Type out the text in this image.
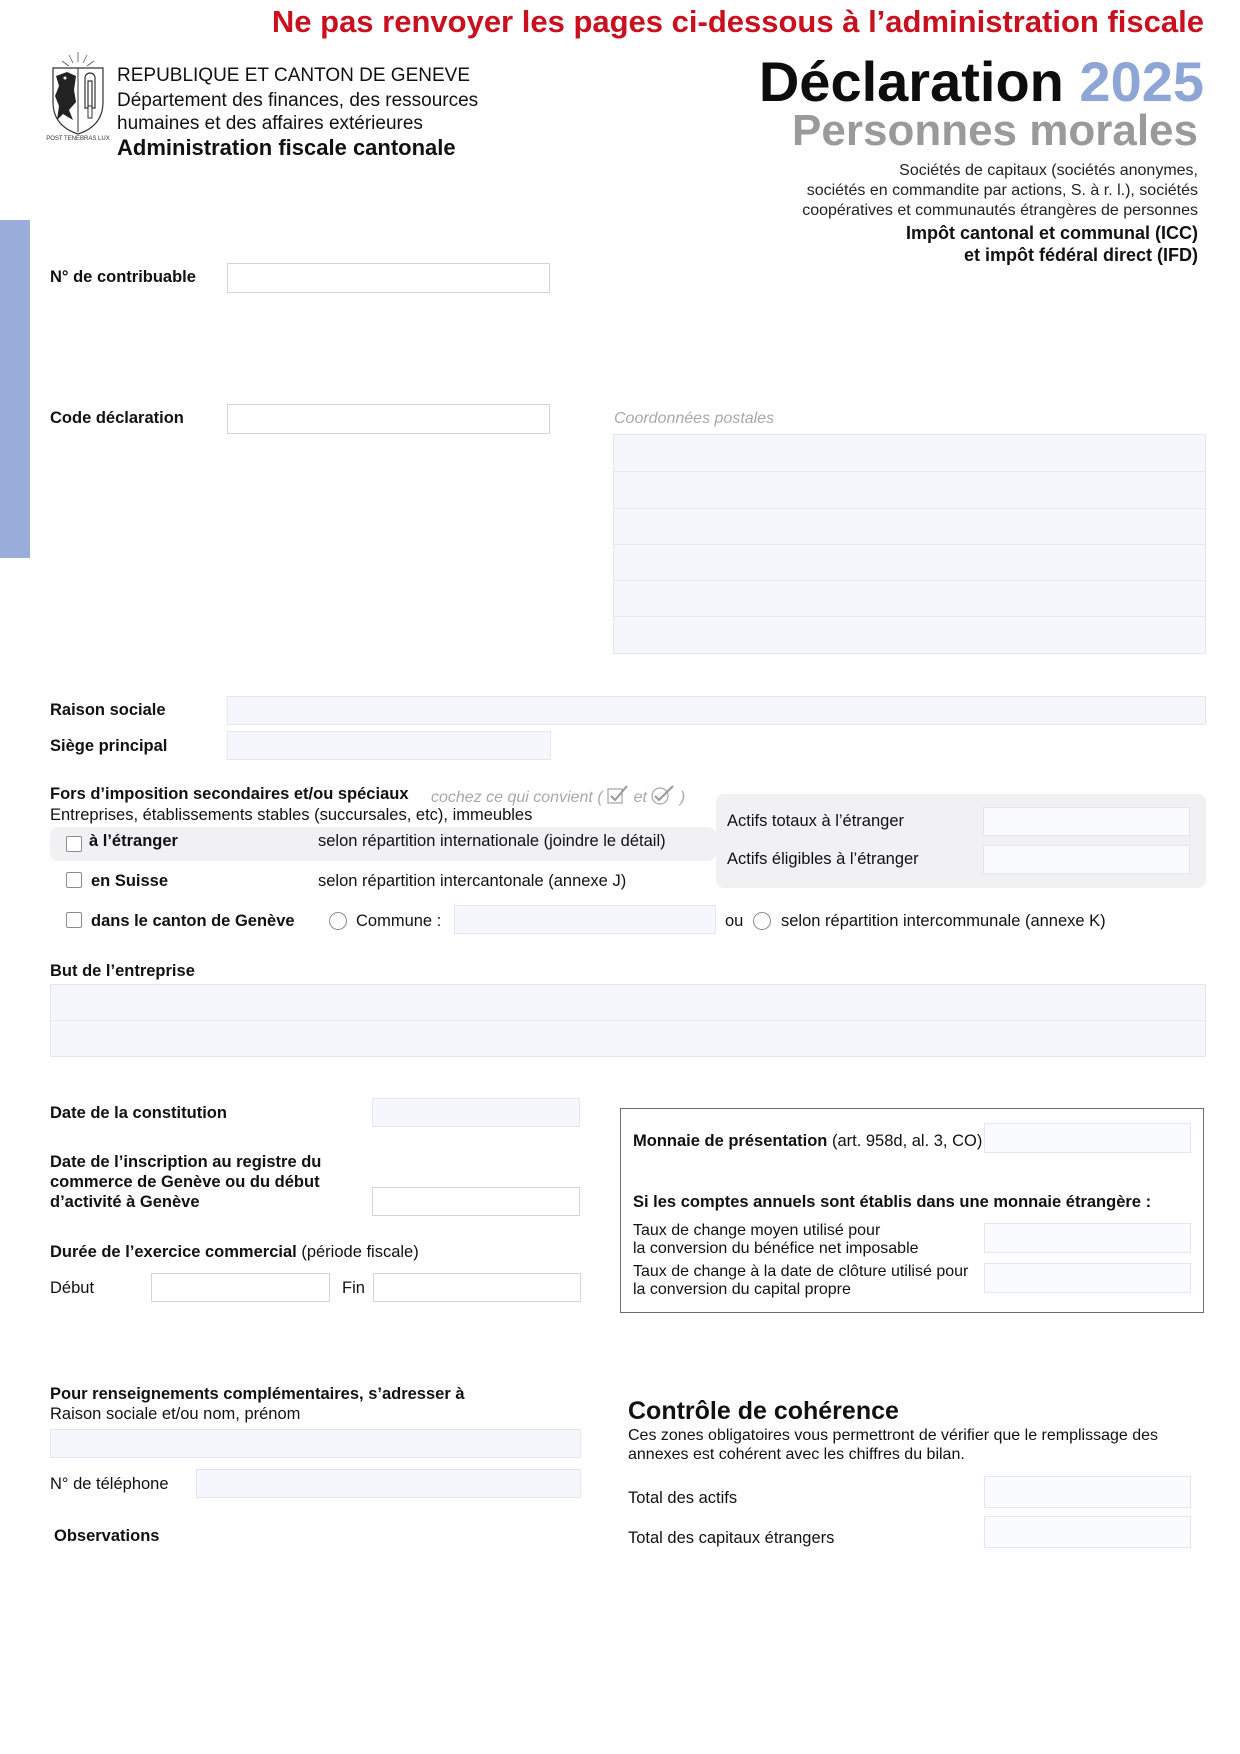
Ne pas renvoyer les pages ci-dessous à l’administration fiscale
POST TENEBRAS LUX
REPUBLIQUE ET CANTON DE GENEVE
Département des finances, des ressources
humaines et des affaires extérieures
Administration fiscale cantonale
Déclaration 2025
Personnes morales
Sociétés de capitaux (sociétés anonymes,
sociétés en commandite par actions, S. à r. l.), sociétés
coopératives et communautés étrangères de personnes
Impôt cantonal et communal (ICC)
et impôt fédéral direct (IFD)
N° de contribuable
Code déclaration	Coordonnées postales
Raison sociale
Siège principal
Fors d’imposition secondaires et/ou spéciaux cochez ce qui convient ( et )
Entreprises, établissements stables (succursales, etc), immeubles
à l’étranger	selon répartition internationale (joindre le détail)
Actifs totaux à l’étranger
Actifs éligibles à l’étranger
en Suisse	selon répartition intercantonale (annexe J)
dans le canton de Genève	Commune :	ou selon répartition intercommunale (annexe K)
But de l’entreprise
Date de la constitution
Date de l’inscription au registre du
commerce de Genève ou du début
d’activité à Genève
Durée de l’exercice commercial (période fiscale)
Début	Fin
Monnaie de présentation (art. 958d, al. 3, CO)
Si les comptes annuels sont établis dans une monnaie étrangère :
Taux de change moyen utilisé pour
la conversion du bénéfice net imposable
Taux de change à la date de clôture utilisé pour
la conversion du capital propre
Pour renseignements complémentaires, s’adresser à
Raison sociale et/ou nom, prénom
N° de téléphone
Observations
Contrôle de cohérence
Ces zones obligatoires vous permettront de vérifier que le remplissage des
annexes est cohérent avec les chiffres du bilan.
Total des actifs
Total des capitaux étrangers
